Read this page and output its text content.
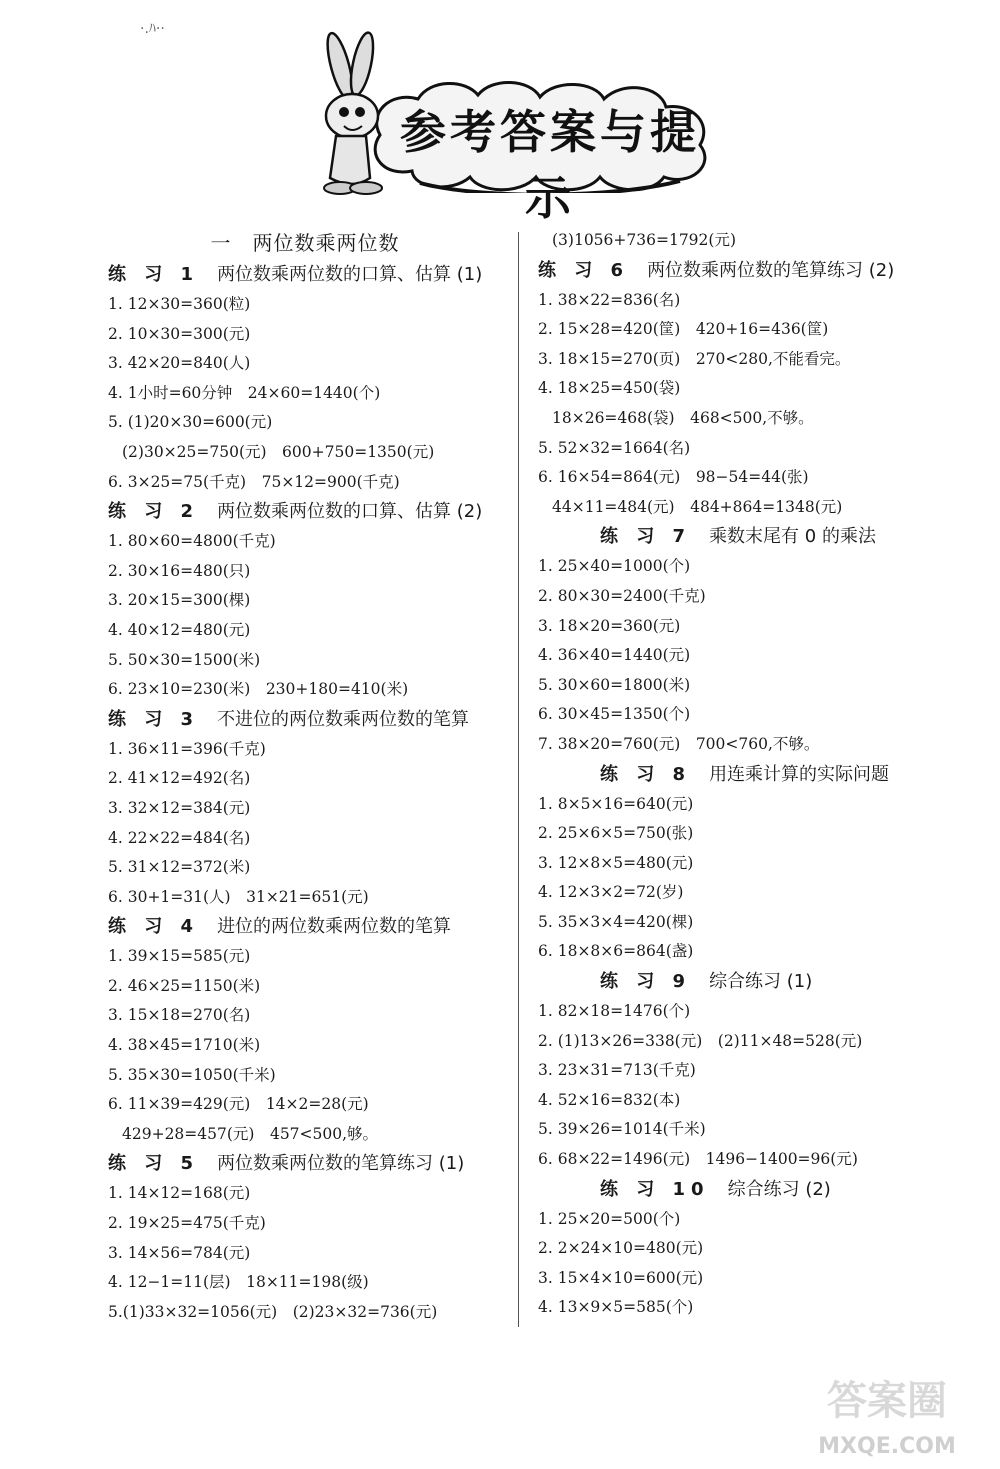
·.ﾊ··
参考答案与提示
一　两位数乘两位数
练 习 1　 两位数乘两位数的口算、估算 (1)
1. 12×30=360(粒)
2. 10×30=300(元)
3. 42×20=840(人)
4. 1小时=60分钟　24×60=1440(个)
5. (1)20×30=600(元)
(2)30×25=750(元)　600+750=1350(元)
6. 3×25=75(千克)　75×12=900(千克)
练 习 2　 两位数乘两位数的口算、估算 (2)
1. 80×60=4800(千克)
2. 30×16=480(只)
3. 20×15=300(棵)
4. 40×12=480(元)
5. 50×30=1500(米)
6. 23×10=230(米)　230+180=410(米)
练 习 3　 不进位的两位数乘两位数的笔算
1. 36×11=396(千克)
2. 41×12=492(名)
3. 32×12=384(元)
4. 22×22=484(名)
5. 31×12=372(米)
6. 30+1=31(人)　31×21=651(元)
练 习 4　 进位的两位数乘两位数的笔算
1. 39×15=585(元)
2. 46×25=1150(米)
3. 15×18=270(名)
4. 38×45=1710(米)
5. 35×30=1050(千米)
6. 11×39=429(元)　14×2=28(元)
429+28=457(元)　457<500,够。
练 习 5　 两位数乘两位数的笔算练习 (1)
1. 14×12=168(元)
2. 19×25=475(千克)
3. 14×56=784(元)
4. 12−1=11(层)　18×11=198(级)
5.(1)33×32=1056(元)　(2)23×32=736(元)
(3)1056+736=1792(元)
练 习 6　 两位数乘两位数的笔算练习 (2)
1. 38×22=836(名)
2. 15×28=420(筐)　420+16=436(筐)
3. 18×15=270(页)　270<280,不能看完。
4. 18×25=450(袋)
18×26=468(袋)　468<500,不够。
5. 52×32=1664(名)
6. 16×54=864(元)　98−54=44(张)
44×11=484(元)　484+864=1348(元)
练 习 7　 乘数末尾有 0 的乘法
1. 25×40=1000(个)
2. 80×30=2400(千克)
3. 18×20=360(元)
4. 36×40=1440(元)
5. 30×60=1800(米)
6. 30×45=1350(个)
7. 38×20=760(元)　700<760,不够。
练 习 8　 用连乘计算的实际问题
1. 8×5×16=640(元)
2. 25×6×5=750(张)
3. 12×8×5=480(元)
4. 12×3×2=72(岁)
5. 35×3×4=420(棵)
6. 18×8×6=864(盏)
练 习 9　 综合练习 (1)
1. 82×18=1476(个)
2. (1)13×26=338(元)　(2)11×48=528(元)
3. 23×31=713(千克)
4. 52×16=832(本)
5. 39×26=1014(千米)
6. 68×22=1496(元)　1496−1400=96(元)
练 习 10　 综合练习 (2)
1. 25×20=500(个)
2. 2×24×10=480(元)
3. 15×4×10=600(元)
4. 13×9×5=585(个)
答案圈
MXQE.COM
